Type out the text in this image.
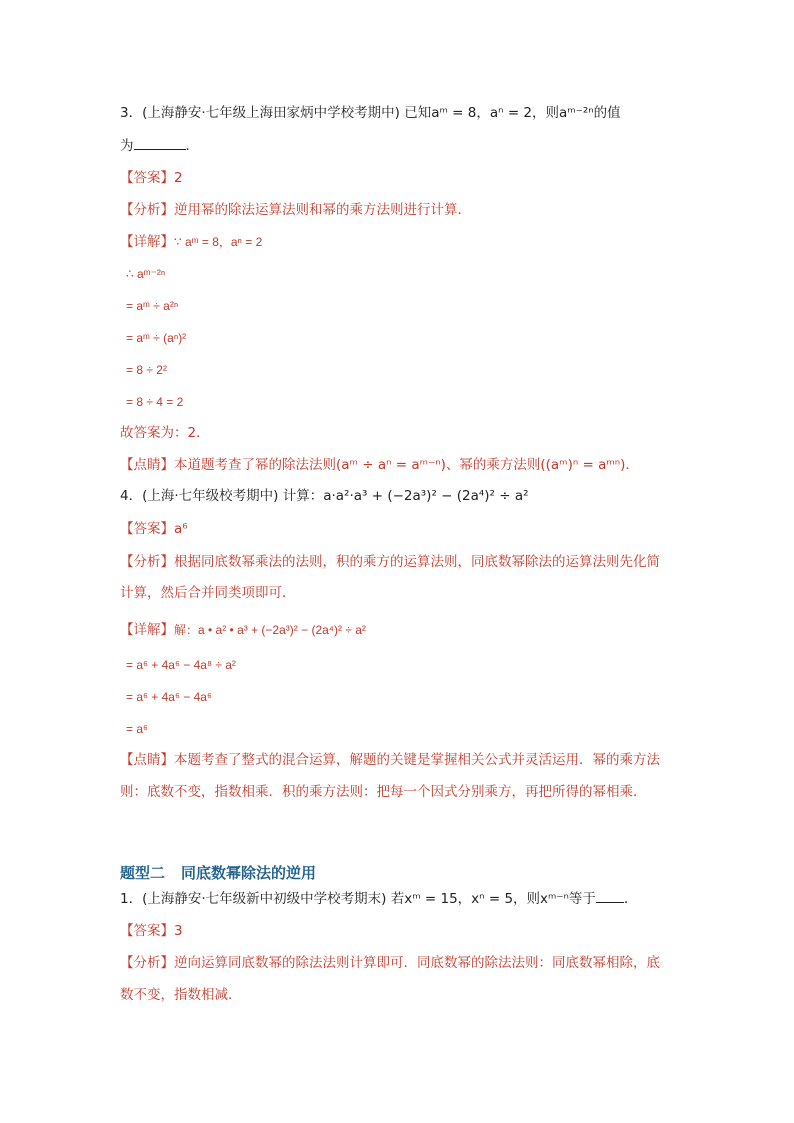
3．(上海静安·七年级上海田家炳中学校考期中) 已知aᵐ = 8，aⁿ = 2，则aᵐ⁻²ⁿ的值
为	．
【答案】2
【分析】逆用幂的除法运算法则和幂的乘方法则进行计算．
【详解】∵ aᵐ = 8，aⁿ = 2
∴ aᵐ⁻²ⁿ
= aᵐ ÷ a²ⁿ
= aᵐ ÷ (aⁿ)²
= 8 ÷ 2²
= 8 ÷ 4 = 2
故答案为：2．
【点睛】本道题考查了幂的除法法则(aᵐ ÷ aⁿ = aᵐ⁻ⁿ)、幂的乘方法则((aᵐ)ⁿ = aᵐⁿ)．
4．(上海·七年级校考期中) 计算：a·a²·a³ + (−2a³)² − (2a⁴)² ÷ a²
【答案】a⁶
【分析】根据同底数幂乘法的法则，积的乘方的运算法则，同底数幂除法的运算法则先化简
计算，然后合并同类项即可．
【详解】解：a • a² • a³ + (−2a³)² − (2a⁴)² ÷ a²
= a⁶ + 4a⁶ − 4a⁸ ÷ a²
= a⁶ + 4a⁶ − 4a⁶
= a⁶
【点睛】本题考查了整式的混合运算，解题的关键是掌握相关公式并灵活运用．幂的乘方法
则：底数不变，指数相乘．积的乘方法则：把每一个因式分别乘方，再把所得的幂相乘．
题型二 同底数幂除法的逆用
1．(上海静安·七年级新中初级中学校考期末) 若xᵐ = 15，xⁿ = 5，则xᵐ⁻ⁿ等于 ．
【答案】3
【分析】逆向运算同底数幂的除法法则计算即可．同底数幂的除法法则：同底数幂相除，底
数不变，指数相减．
